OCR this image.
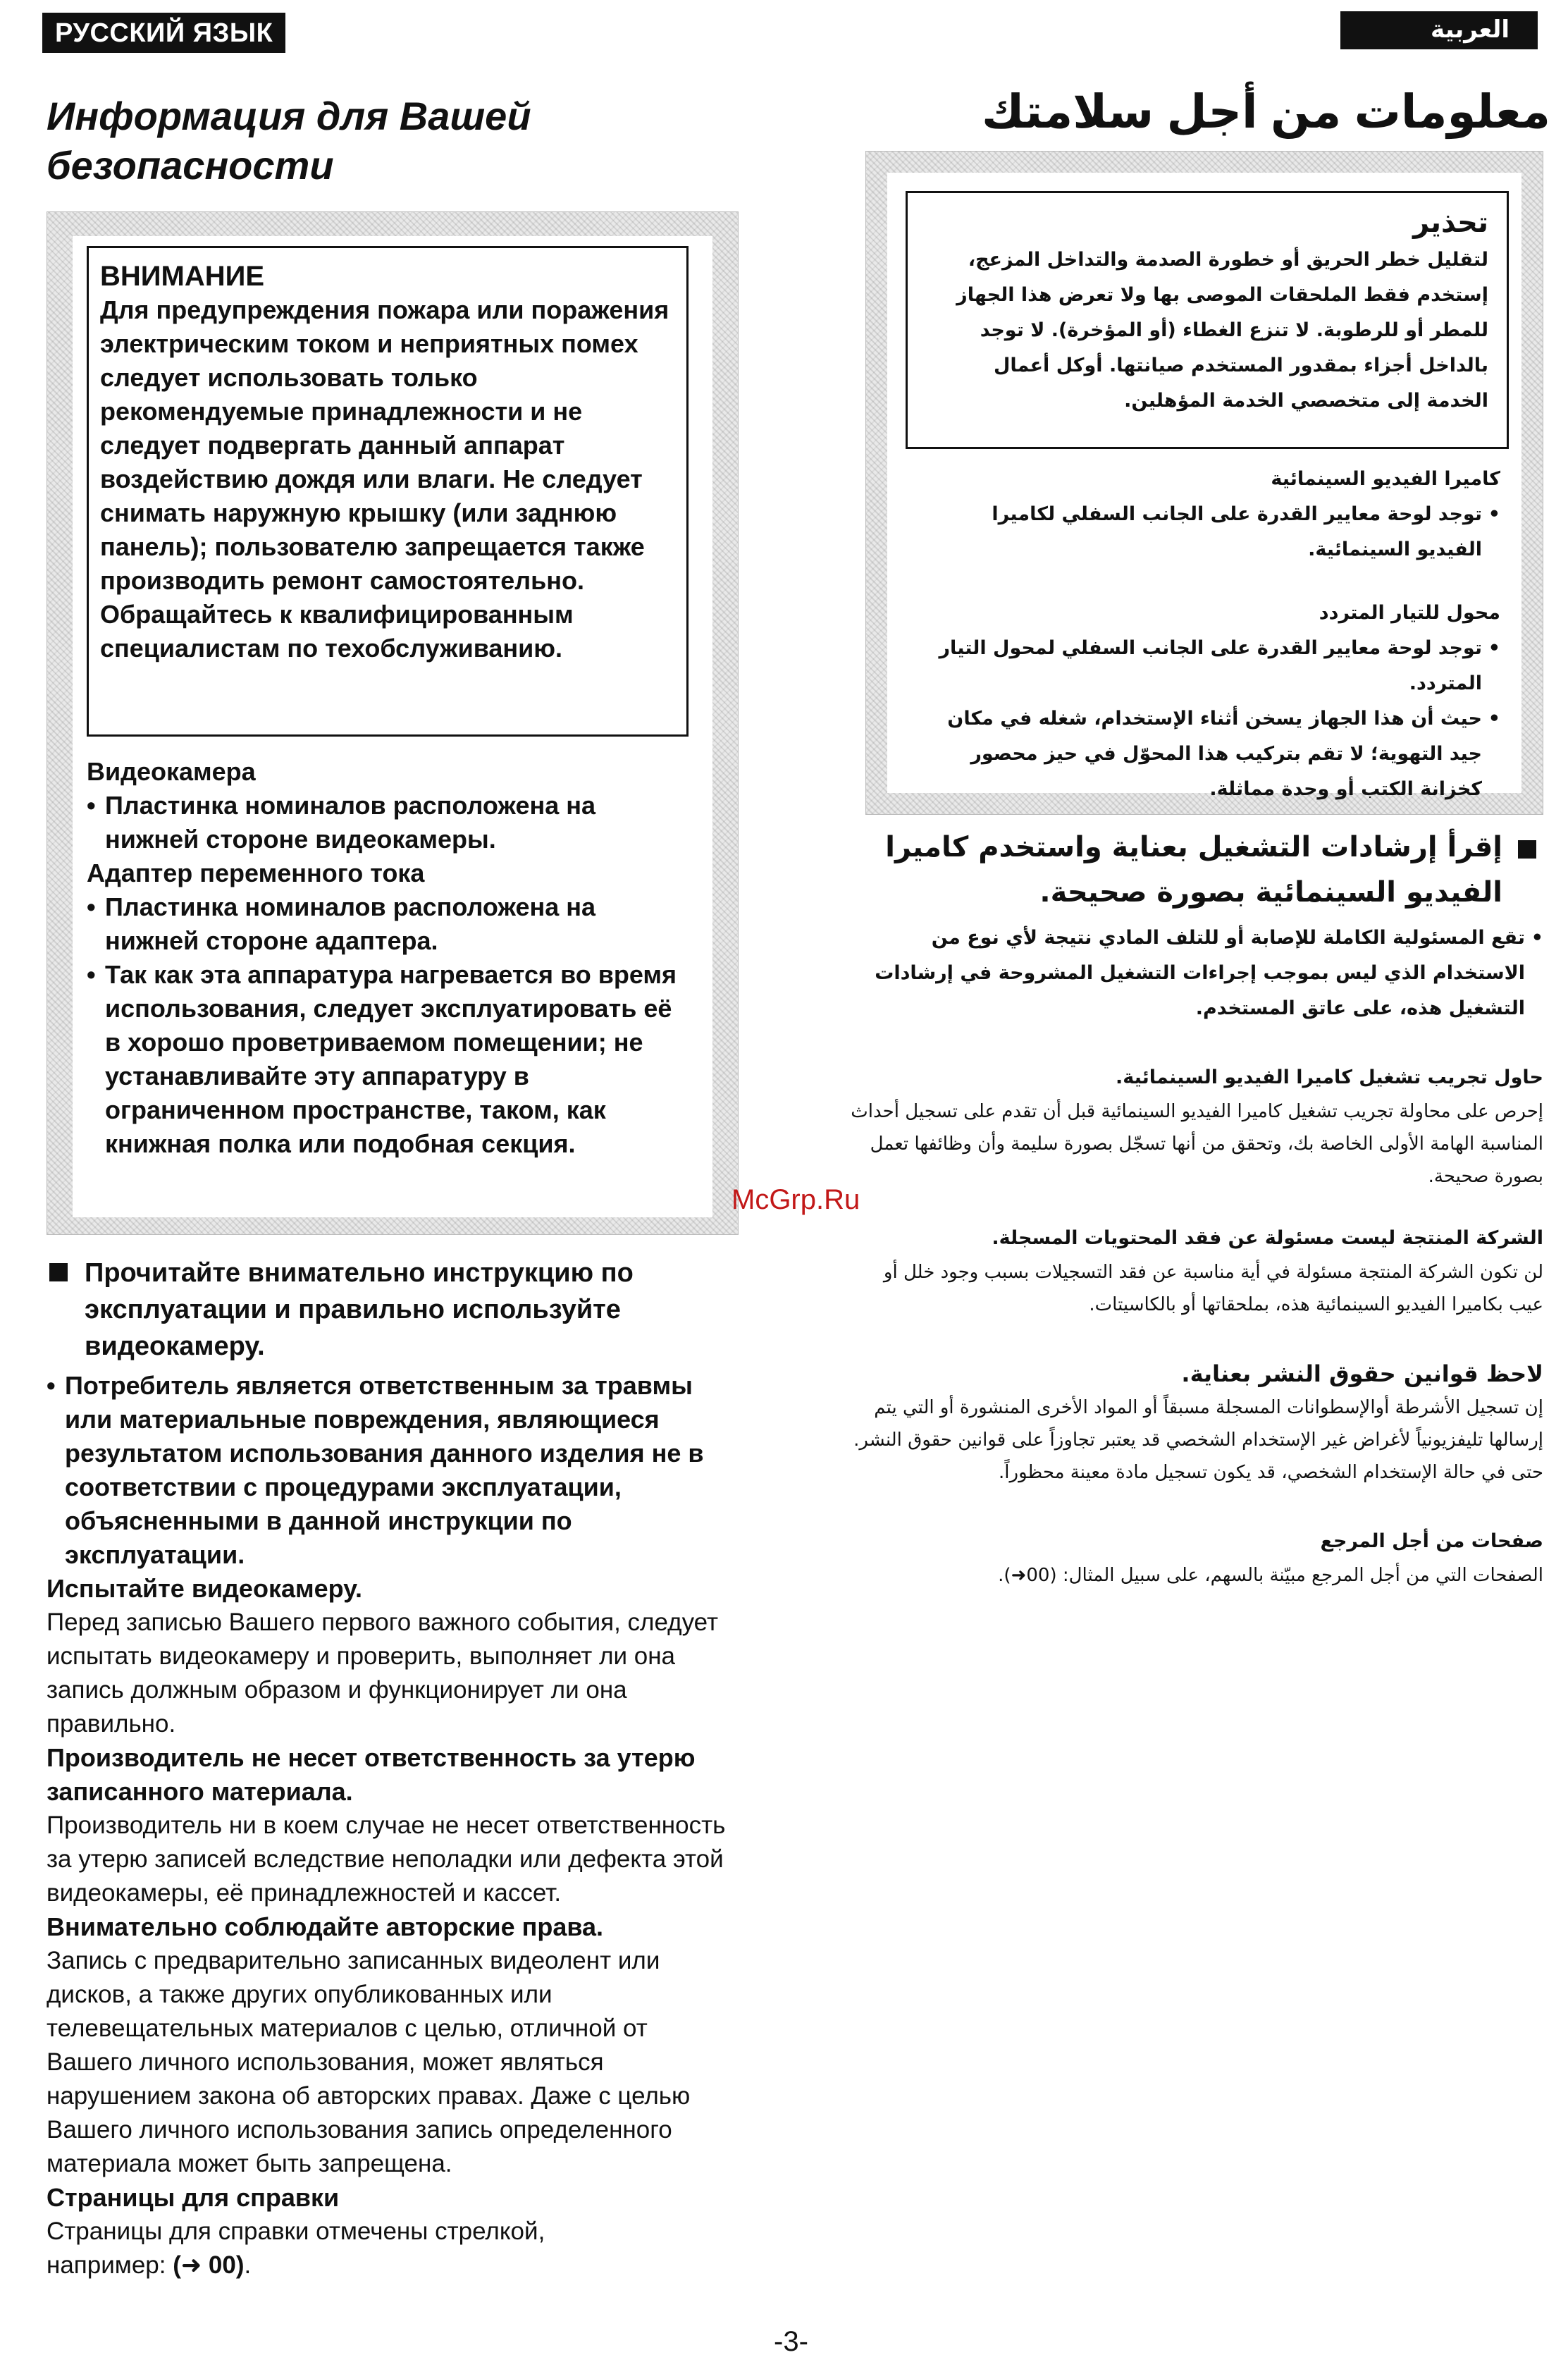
РУССКИЙ ЯЗЫК	العربية
Информация для Вашей
безопасности
معلومات من أجل سلامتك
ВНИМАНИЕ
Для предупреждения пожара или поражения электрическим током и неприятных помех следует использовать только рекомендуемые принадлежности и не следует подвергать данный аппарат воздействию дождя или влаги. Не следует снимать наружную крышку (или заднюю панель); пользователю запрещается также производить ремонт самостоятельно. Обращайтесь к квалифицированным специалистам по техобслуживанию.
Видеокамера
• Пластинка номиналов расположена на нижней стороне видеокамеры.
Адаптер переменного тока
• Пластинка номиналов расположена на нижней стороне адаптера.
• Так как эта аппаратура нагревается во время использования, следует эксплуатировать её в хорошо проветриваемом помещении; не устанавливайте эту аппаратуру в ограниченном пространстве, таком, как книжная полка или подобная секция.
Прочитайте внимательно инструкцию по эксплуатации и правильно используйте видеокамеру.
• Потребитель является ответственным за травмы или материальные повреждения, являющиеся результатом использования данного изделия не в соответствии с процедурами эксплуатации, объясненными в данной инструкции по эксплуатации.
Испытайте видеокамеру.
Перед записью Вашего первого важного события, следует испытать видеокамеру и проверить, выполняет ли она запись должным образом и функционирует ли она правильно.
Производитель не несет ответственность за утерю записанного материала.
Производитель ни в коем случае не несет ответственность за утерю записей вследствие неполадки или дефекта этой видеокамеры, её принадлежностей и кассет.
Внимательно соблюдайте авторские права.
Запись с предварительно записанных видеолент или дисков, а также других опубликованных или телевещательных материалов с целью, отличной от Вашего личного использования, может являться нарушением закона об авторских правах. Даже с целью Вашего личного использования запись определенного материала может быть запрещена.
Страницы для справки
Страницы для справки отмечены стрелкой,
например: (➜ 00).
تحذير
لتقليل خطر الحريق أو خطورة الصدمة والتداخل المزعج، إستخدم فقط الملحقات الموصى بها ولا تعرض هذا الجهاز للمطر أو للرطوبة. لا تنزع الغطاء (أو المؤخرة). لا توجد بالداخل أجزاء بمقدور المستخدم صيانتها. أوكل أعمال الخدمة إلى متخصصي الخدمة المؤهلين.
كاميرا الفيديو السينمائية
• توجد لوحة معايير القدرة على الجانب السفلي لكاميرا الفيديو السينمائية.
محول للتيار المتردد
• توجد لوحة معايير القدرة على الجانب السفلي لمحول التيار المتردد.
• حيث أن هذا الجهاز يسخن أثناء الإستخدام، شغله في مكان جيد التهوية؛ لا تقم بتركيب هذا المحوّل في حيز محصور كخزانة الكتب أو وحدة مماثلة.
إقرأ إرشادات التشغيل بعناية واستخدم كاميرا الفيديو السينمائية بصورة صحيحة.
• تقع المسئولية الكاملة للإصابة أو للتلف المادي نتيجة لأي نوع من الاستخدام الذي ليس بموجب إجراءات التشغيل المشروحة في إرشادات التشغيل هذه، على عاتق المستخدم.
حاول تجريب تشغيل كاميرا الفيديو السينمائية.
إحرص على محاولة تجريب تشغيل كاميرا الفيديو السينمائية قبل أن تقدم على تسجيل أحداث المناسبة الهامة الأولى الخاصة بك، وتحقق من أنها تسجّل بصورة سليمة وأن وظائفها تعمل بصورة صحيحة.
الشركة المنتجة ليست مسئولة عن فقد المحتويات المسجلة.
لن تكون الشركة المنتجة مسئولة في أية مناسبة عن فقد التسجيلات بسبب وجود خلل أو عيب بكاميرا الفيديو السينمائية هذه، بملحقاتها أو بالكاسيتات.
لاحظ قوانين حقوق النشر بعناية.
إن تسجيل الأشرطة أوالإسطوانات المسجلة مسبقاً أو المواد الأخرى المنشورة أو التي يتم إرسالها تليفزيونياً لأغراض غير الإستخدام الشخصي قد يعتبر تجاوزاً على قوانين حقوق النشر. حتى في حالة الإستخدام الشخصي، قد يكون تسجيل مادة معينة محظوراً.
صفحات من أجل المرجع
الصفحات التي من أجل المرجع مبيّنة بالسهم، على سبيل المثال: (00➜).
McGrp.Ru
-3-
